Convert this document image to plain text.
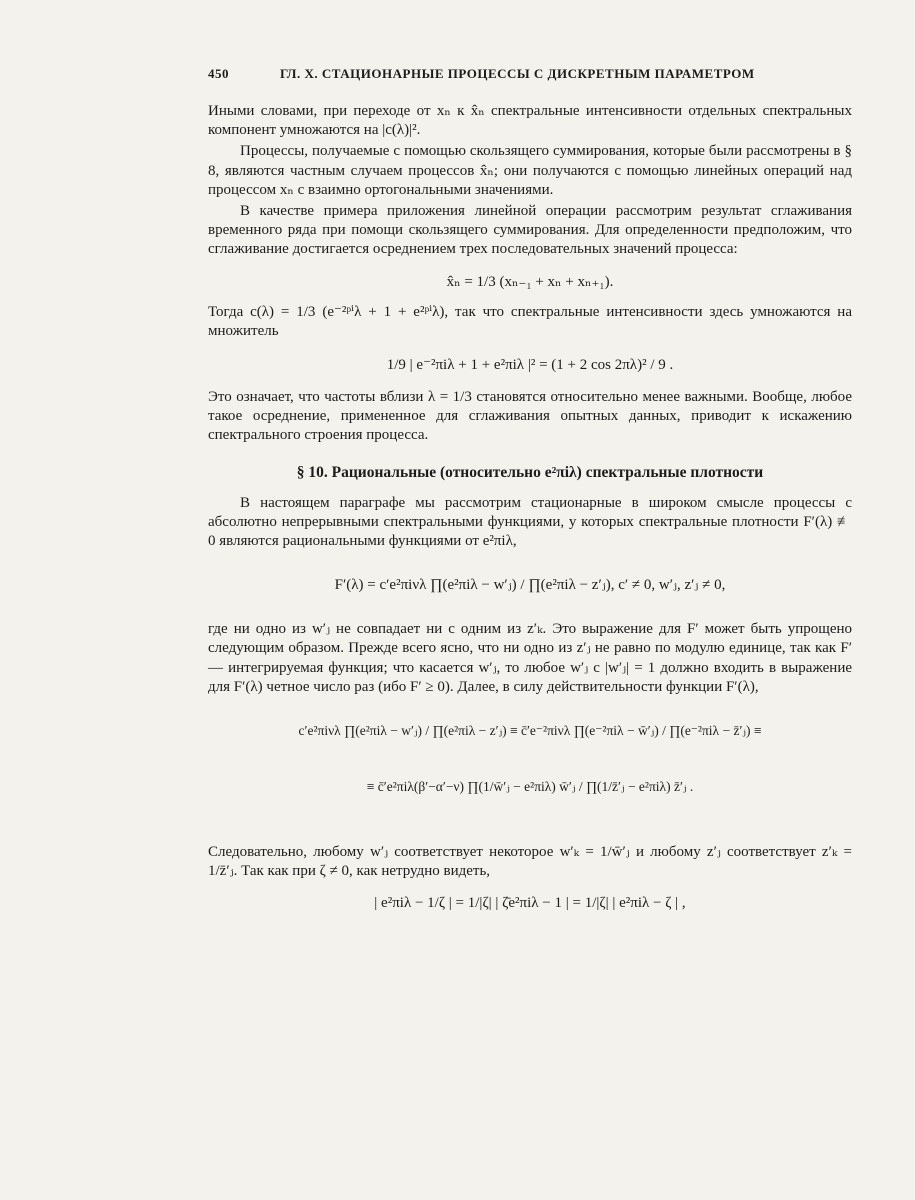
450	ГЛ. X. СТАЦИОНАРНЫЕ ПРОЦЕССЫ С ДИСКРЕТНЫМ ПАРАМЕТРОМ

Иными словами, при переходе от xₙ к x̂ₙ спектральные интенсивности отдельных спектральных компонент умножаются на |c(λ)|².

Процессы, получаемые с помощью скользящего суммирования, которые были рассмотрены в § 8, являются частным случаем процессов x̂ₙ; они получаются с помощью линейных операций над процессом xₙ с взаимно ортогональными значениями.

В качестве примера приложения линейной операции рассмотрим результат сглаживания временного ряда при помощи скользящего суммирования. Для определенности предположим, что сглаживание достигается осреднением трех последовательных значений процесса:

x̂ₙ = 1/3 (xₙ₋₁ + xₙ + xₙ₊₁).

Тогда c(λ) = 1/3 (e⁻²ᵖⁱλ + 1 + e²ᵖⁱλ), так что спектральные интенсивности здесь умножаются на множитель

1/9 | e⁻²πiλ + 1 + e²πiλ |² = (1 + 2 cos 2πλ)² / 9 .

Это означает, что частоты вблизи λ = 1/3 становятся относительно менее важными. Вообще, любое такое осреднение, примененное для сглаживания опытных данных, приводит к искажению спектрального строения процесса.

§ 10. Рациональные (относительно e²πiλ) спектральные плотности

В настоящем параграфе мы рассмотрим стационарные в широком смысле процессы с абсолютно непрерывными спектральными функциями, у которых спектральные плотности F′(λ) ≢ 0 являются рациональными функциями от e²πiλ,

F′(λ) = c′e²πiνλ ∏(e²πiλ − w′ⱼ) / ∏(e²πiλ − z′ⱼ), c′ ≠ 0, w′ⱼ, z′ⱼ ≠ 0,

где ни одно из w′ⱼ не совпадает ни с одним из z′ₖ. Это выражение для F′ может быть упрощено следующим образом. Прежде всего ясно, что ни одно из z′ⱼ не равно по модулю единице, так как F′ — интегрируемая функция; что касается w′ⱼ, то любое w′ⱼ с |w′ⱼ| = 1 должно входить в выражение для F′(λ) четное число раз (ибо F′ ≥ 0). Далее, в силу действительности функции F′(λ),

c′e²πiνλ ∏(e²πiλ − w′ⱼ) / ∏(e²πiλ − z′ⱼ) ≡ c̄′e⁻²πiνλ ∏(e⁻²πiλ − w̄′ⱼ) / ∏(e⁻²πiλ − z̄′ⱼ) ≡
≡ c̄′e²πiλ(β′−α′−ν) ∏(1/w̄′ⱼ − e²πiλ) w̄′ⱼ / ∏(1/z̄′ⱼ − e²πiλ) z̄′ⱼ .

Следовательно, любому w′ⱼ соответствует некоторое w′ₖ = 1/w̄′ⱼ и любому z′ⱼ соответствует z′ₖ = 1/z̄′ⱼ. Так как при ζ ≠ 0, как нетрудно видеть,

| e²πiλ − 1/ζ | = 1/|ζ| | ζ̄e²πiλ − 1 | = 1/|ζ| | e²πiλ − ζ | ,
